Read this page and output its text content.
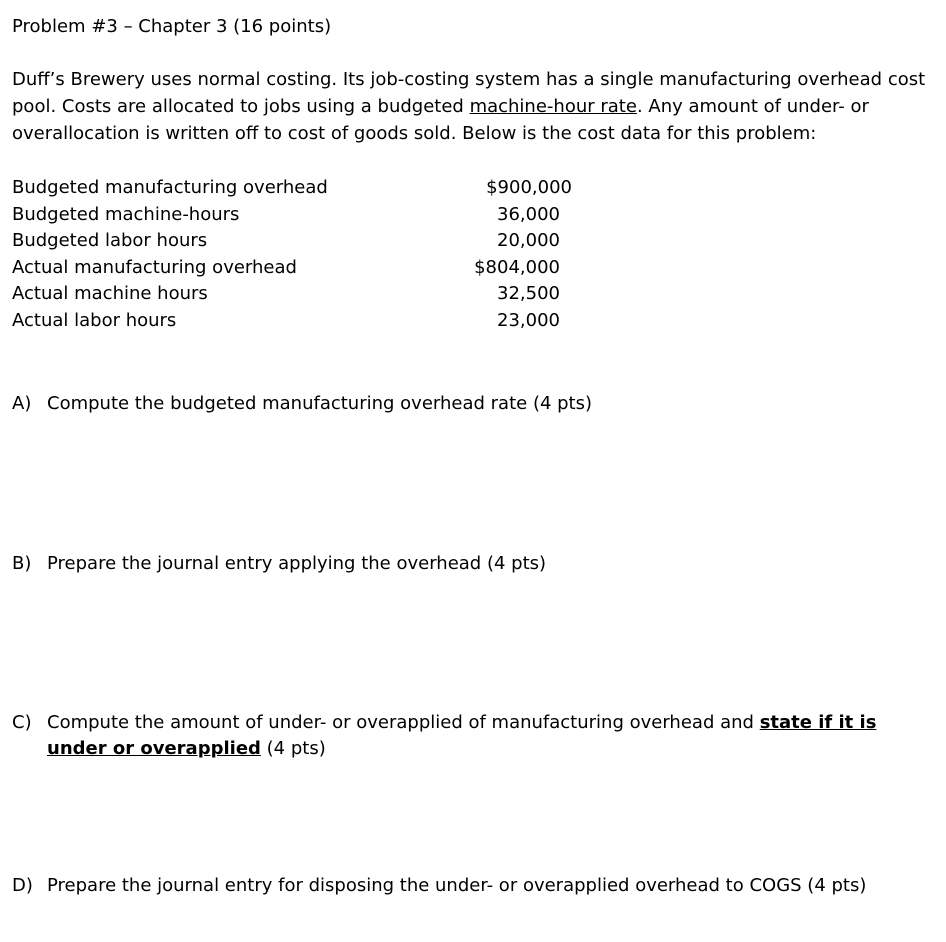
Problem #3 – Chapter 3 (16 points)
Duff’s Brewery uses normal costing. Its job-costing system has a single manufacturing overhead cost pool. Costs are allocated to jobs using a budgeted machine-hour rate. Any amount of under- or overallocation is written off to cost of goods sold. Below is the cost data for this problem:
Budgeted manufacturing overhead	$900,000
Budgeted machine-hours	36,000
Budgeted labor hours	20,000
Actual manufacturing overhead	$804,000
Actual machine hours	32,500
Actual labor hours	23,000
A) Compute the budgeted manufacturing overhead rate (4 pts)
B) Prepare the journal entry applying the overhead (4 pts)
C) Compute the amount of under- or overapplied of manufacturing overhead and state if it is
under or overapplied (4 pts)
D) Prepare the journal entry for disposing the under- or overapplied overhead to COGS (4 pts)
